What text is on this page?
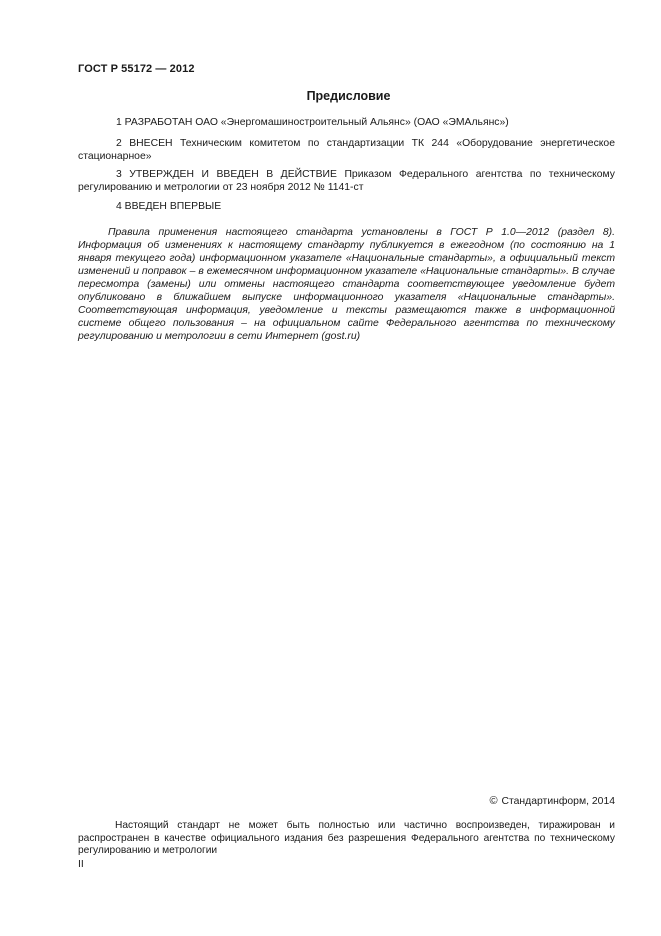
ГОСТ Р 55172 — 2012
Предисловие

1 РАЗРАБОТАН ОАО «Энергомашиностроительный Альянс» (ОАО «ЭМАльянс»)

2 ВНЕСЕН Техническим комитетом по стандартизации ТК 244 «Оборудование энергетическое стационарное»

3 УТВЕРЖДЕН И ВВЕДЕН В ДЕЙСТВИЕ Приказом Федерального агентства по техническому регулированию и метрологии от 23 ноября 2012 № 1141-ст

4 ВВЕДЕН ВПЕРВЫЕ

Правила применения настоящего стандарта установлены в ГОСТ Р 1.0—2012 (раздел 8). Информация об изменениях к настоящему стандарту публикуется в ежегодном (по состоянию на 1 января текущего года) информационном указателе «Национальные стандарты», а официальный текст изменений и поправок – в ежемесячном информационном указателе «Национальные стандарты». В случае пересмотра (замены) или отмены настоящего стандарта соответствующее уведомление будет опубликовано в ближайшем выпуске информационного указателя «Национальные стандарты». Соответствующая информация, уведомление и тексты размещаются также в информационной системе общего пользования – на официальном сайте Федерального агентства по техническому регулированию и метрологии в сети Интернет (gost.ru)

© Стандартинформ, 2014

Настоящий стандарт не может быть полностью или частично воспроизведен, тиражирован и распространен в качестве официального издания без разрешения Федерального агентства по техническому регулированию и метрологии

II
